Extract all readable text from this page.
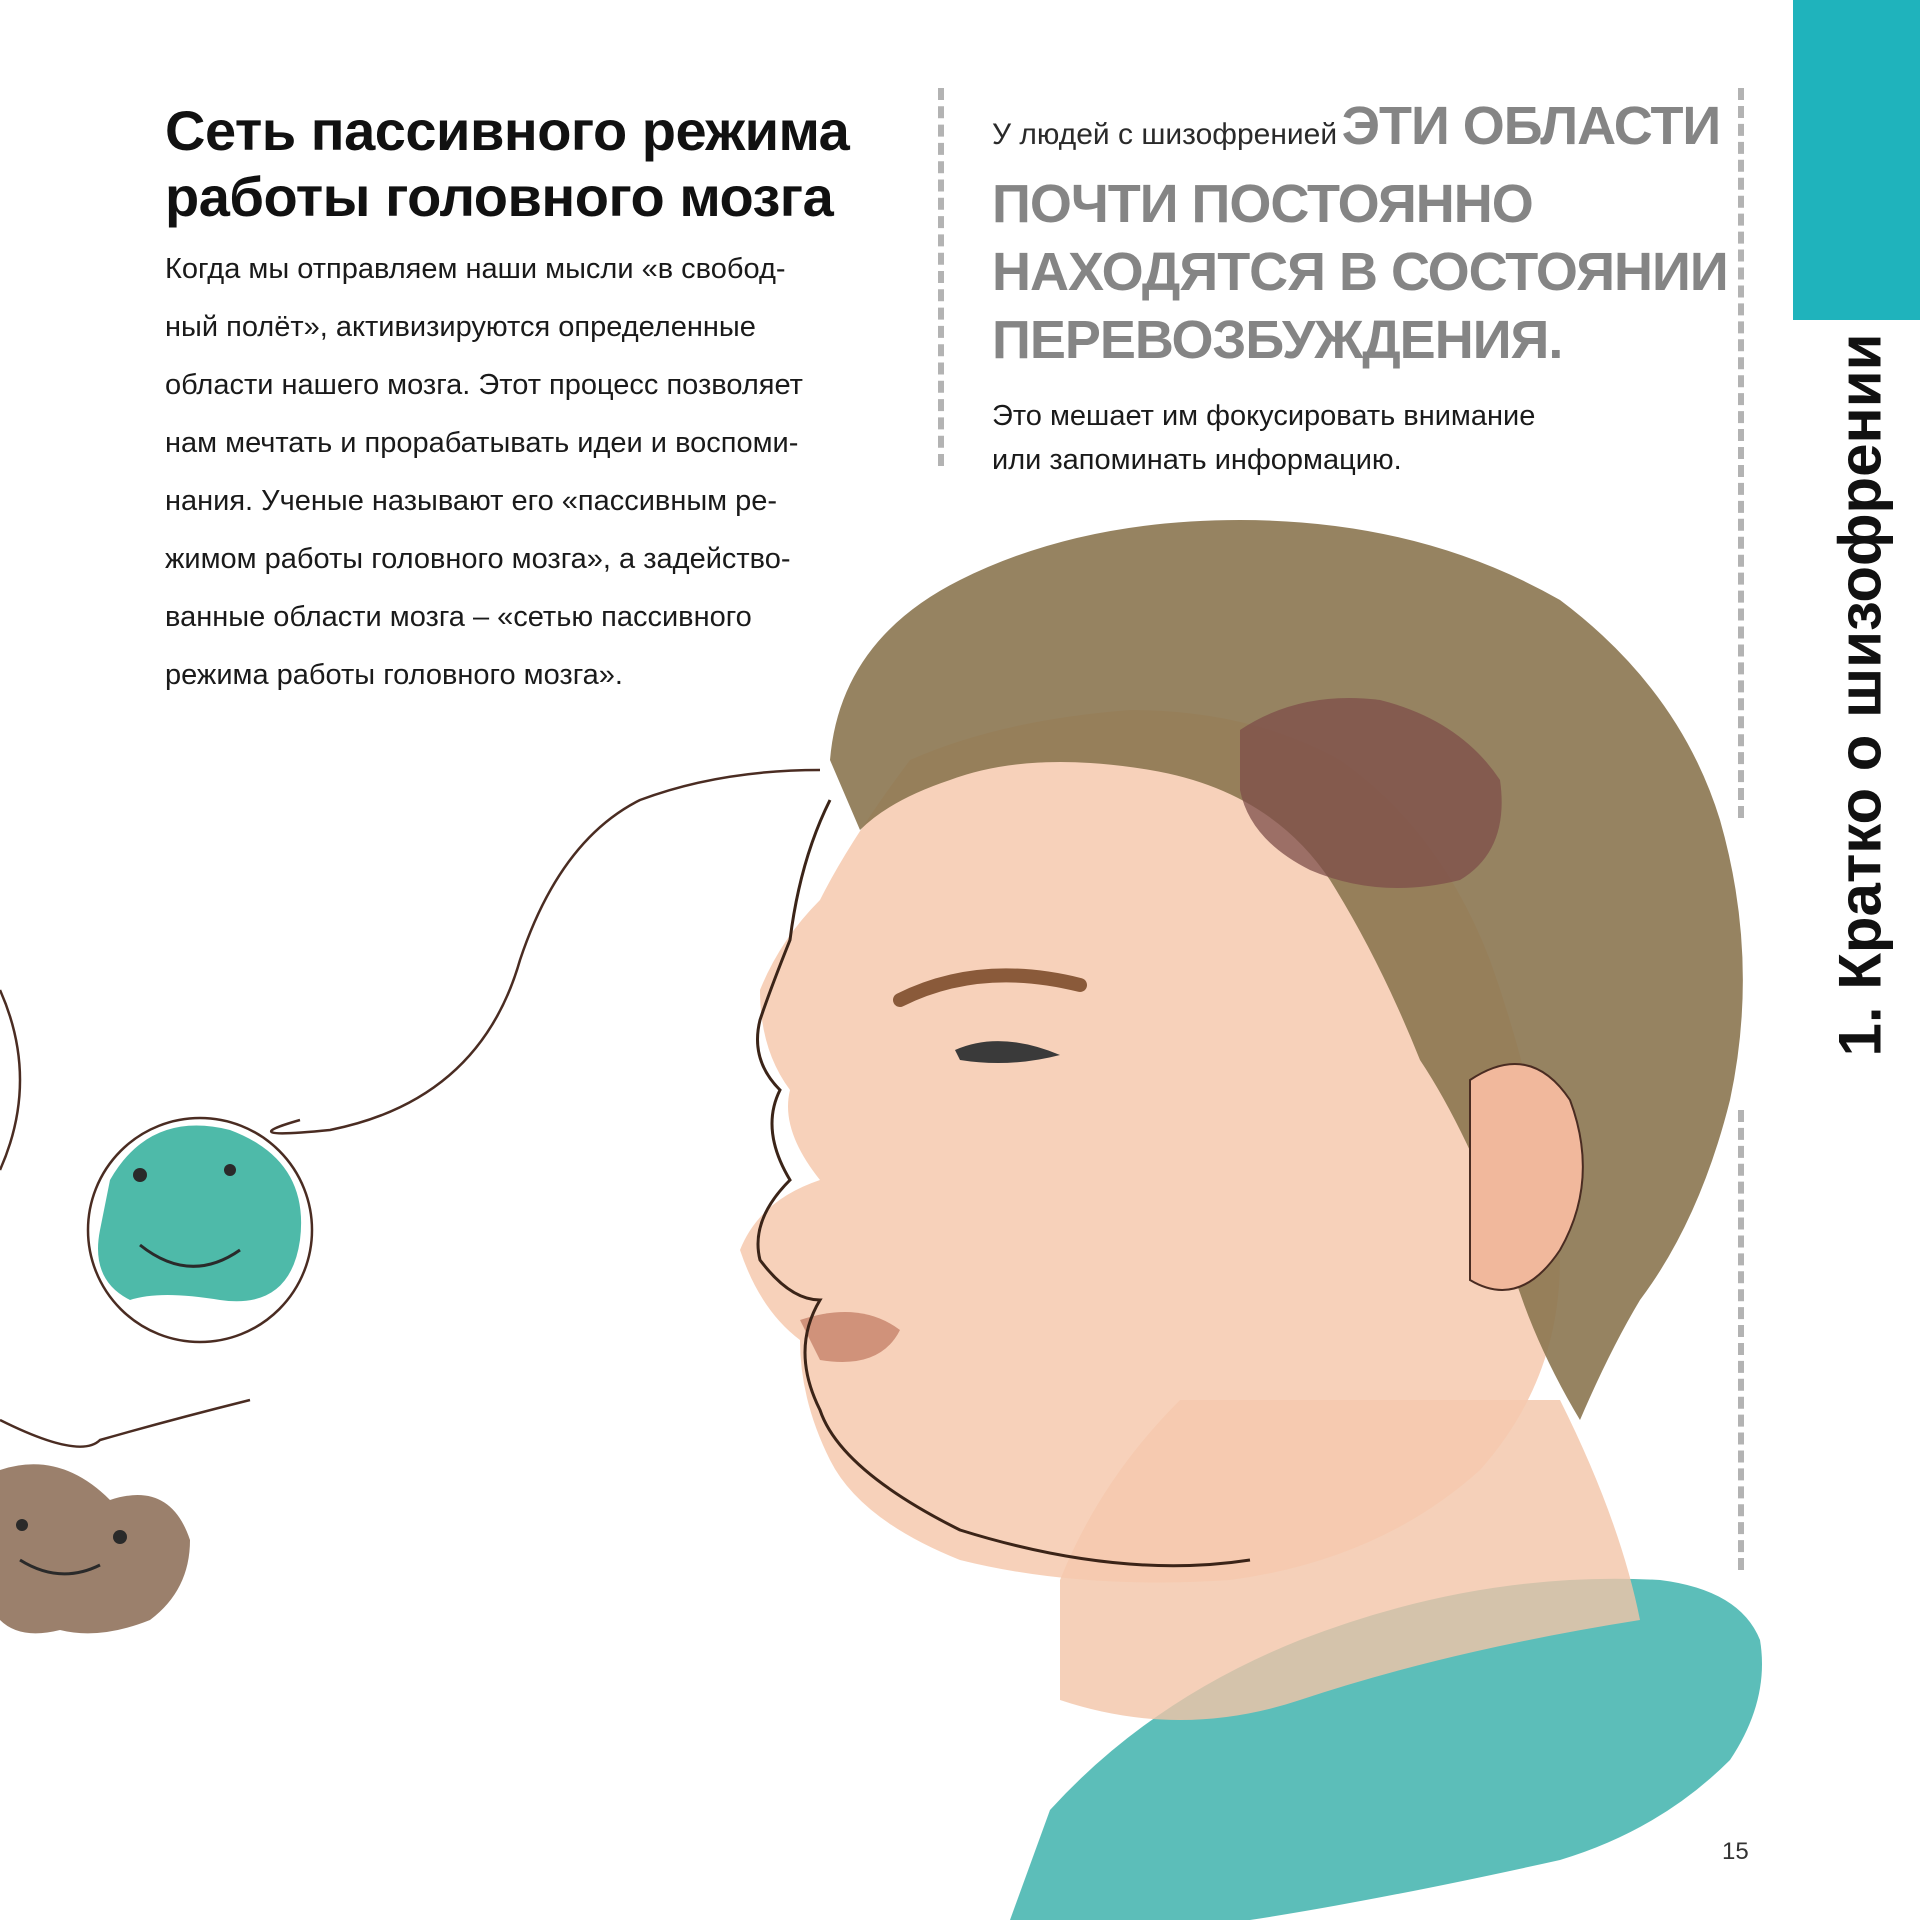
Сеть пассивного режима
работы головного мозга
Когда мы отправляем наши мысли «в свобод-
ный полёт», активизируются определенные
области нашего мозга. Этот процесс позволяет
нам мечтать и прорабатывать идеи и воспоми-
нания. Ученые называют его «пассивным ре-
жимом работы головного мозга», а задейство-
ванные области мозга – «сетью пассивного
режима работы головного мозга».
У людей с шизофренией ЭТИ ОБЛАСТИ
ПОЧТИ ПОСТОЯННО
НАХОДЯТСЯ В СОСТОЯНИИ
ПЕРЕВОЗБУЖДЕНИЯ.
Это мешает им фокусировать внимание
или запоминать информацию.	1. Кратко о шизофрении
15
